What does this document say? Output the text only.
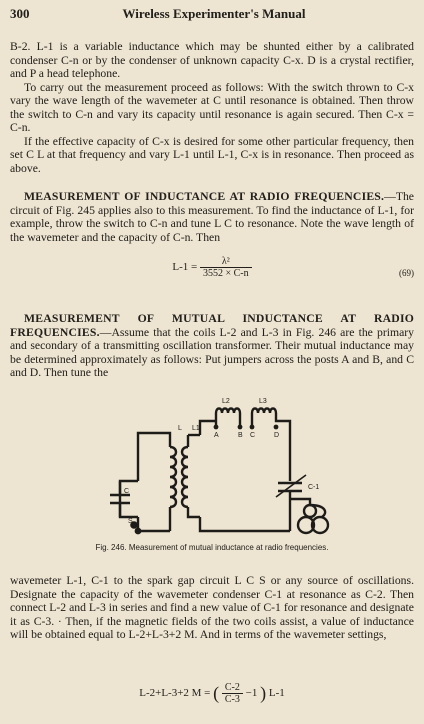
300	Wireless Experimenter's Manual

B-2. L-1 is a variable inductance which may be shunted either by a calibrated condenser C-n or by the condenser of unknown capacity C-x. D is a crystal rectifier, and P a head telephone.

To carry out the measurement proceed as follows: With the switch thrown to C-x vary the wave length of the wavemeter at C until resonance is obtained. Then throw the switch to C-n and vary its capacity until resonance is again secured. Then C-x = C-n.

If the effective capacity of C-x is desired for some other particular frequency, then set C L at that frequency and vary L-1 until L-1, C-x is in resonance. Then proceed as above.

MEASUREMENT OF INDUCTANCE AT RADIO FREQUENCIES.—The circuit of Fig. 245 applies also to this measurement. To find the inductance of L-1, for example, throw the switch to C-n and tune L C to resonance. Note the wave length of the wavemeter and the capacity of C-n. Then

$L-1 = \frac{\text{λ²}}{3552 \times C-n}$	(69)

MEASUREMENT OF MUTUAL INDUCTANCE AT RADIO FREQUENCIES.—Assume that the coils L-2 and L-3 in Fig. 246 are the primary and secondary of a transmitting oscillation transformer. Their mutual inductance may be determined approximately as follows: Put jumpers across the posts A and B, and C and D. Then tune the

L2	L3
L L1
C
S
A	B C	D
C-1
Fig. 246. Measurement of mutual inductance at radio frequencies.

wavemeter L-1, C-1 to the spark gap circuit L C S or any source of oscillations. Designate the capacity of the wavemeter condenser C-1 at resonance as C-2. Then connect L-2 and L-3 in series and find a new value of C-1 for resonance and designate it as C-3. · Then, if the magnetic fields of the two coils assist, a value of inductance will be obtained equal to L-2+L-3+2 M. And in terms of the wavemeter settings,

L-2+L-3+2 M = ( $\frac{C-2}{C-3} -1$ ) L-1
